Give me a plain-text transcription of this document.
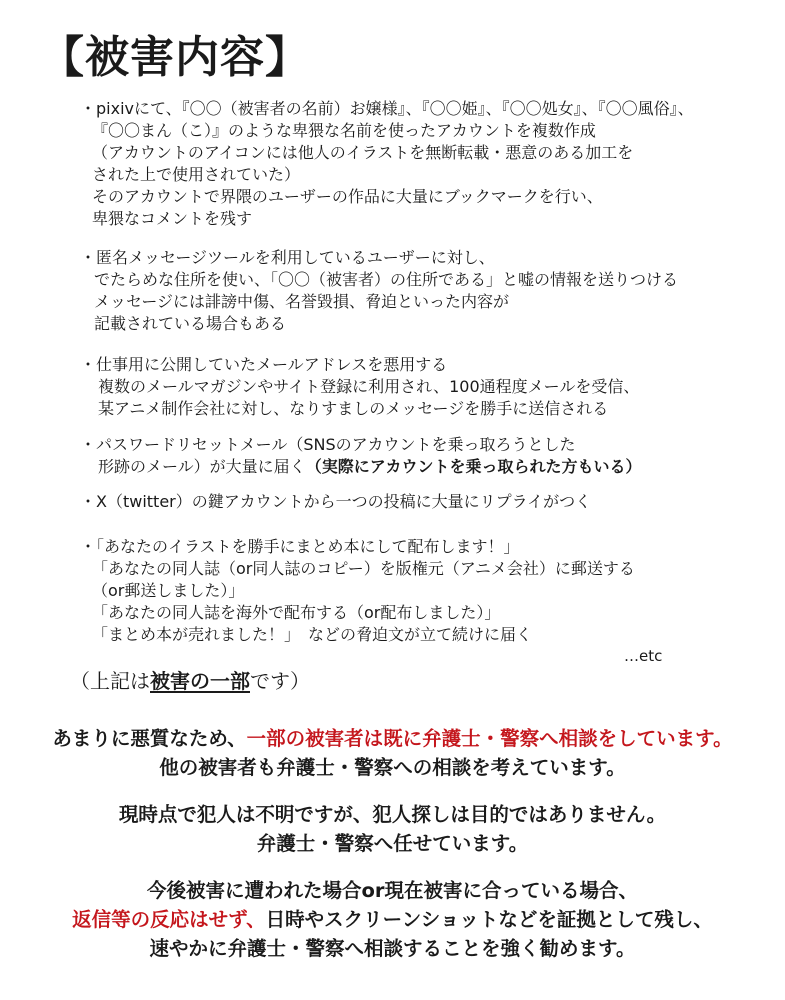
【被害内容】
・pixivにて、『〇〇（被害者の名前）お嬢様』、『〇〇姫』、『〇〇処女』、『〇〇風俗』、
『〇〇まん（こ）』のような卑猥な名前を使ったアカウントを複数作成
（アカウントのアイコンには他人のイラストを無断転載・悪意のある加工を
された上で使用されていた）
そのアカウントで界隈のユーザーの作品に大量にブックマークを行い、
卑猥なコメントを残す
・匿名メッセージツールを利用しているユーザーに対し、
でたらめな住所を使い、「〇〇（被害者）の住所である」と嘘の情報を送りつける
メッセージには誹謗中傷、名誉毀損、脅迫といった内容が
記載されている場合もある
・仕事用に公開していたメールアドレスを悪用する
複数のメールマガジンやサイト登録に利用され、100通程度メールを受信、
某アニメ制作会社に対し、なりすましのメッセージを勝手に送信される
・パスワードリセットメール（SNSのアカウントを乗っ取ろうとした
形跡のメール）が大量に届く（実際にアカウントを乗っ取られた方もいる）
・X（twitter）の鍵アカウントから一つの投稿に大量にリプライがつく
・「あなたのイラストを勝手にまとめ本にして配布します！」
「あなたの同人誌（or同人誌のコピー）を版権元（アニメ会社）に郵送する
（or郵送しました）」
「あなたの同人誌を海外で配布する（or配布しました）」
「まとめ本が売れました！」　などの脅迫文が立て続けに届く
…etc
（上記は被害の一部です）
あまりに悪質なため、一部の被害者は既に弁護士・警察へ相談をしています。
他の被害者も弁護士・警察への相談を考えています。
現時点で犯人は不明ですが、犯人探しは目的ではありません。
弁護士・警察へ任せています。
今後被害に遭われた場合or現在被害に合っている場合、
返信等の反応はせず、日時やスクリーンショットなどを証拠として残し、
速やかに弁護士・警察へ相談することを強く勧めます。
